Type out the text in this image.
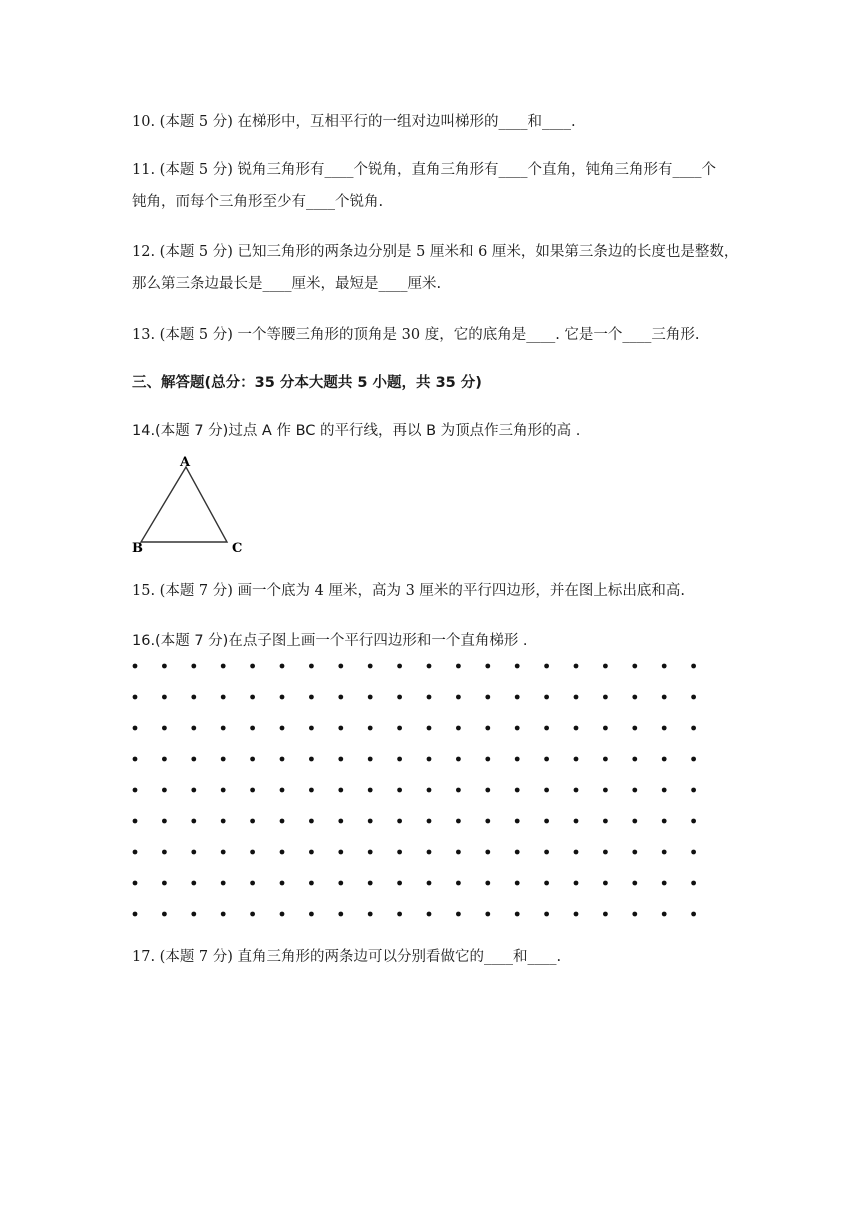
10. (本题 5 分) 在梯形中，互相平行的一组对边叫梯形的____和____.
11. (本题 5 分) 锐角三角形有____个锐角，直角三角形有____个直角，钝角三角形有____个
钝角，而每个三角形至少有____个锐角.
12. (本题 5 分) 已知三角形的两条边分别是 5 厘米和 6 厘米，如果第三条边的长度也是整数，
那么第三条边最长是____厘米，最短是____厘米.
13. (本题 5 分) 一个等腰三角形的顶角是 30 度，它的底角是____. 它是一个____三角形.
三、解答题(总分：35 分本大题共 5 小题，共 35 分)
14.(本题 7 分)过点 A 作 BC 的平行线，再以 B 为顶点作三角形的高 .
A
B	C
15. (本题 7 分) 画一个底为 4 厘米，高为 3 厘米的平行四边形，并在图上标出底和高.
16.(本题 7 分)在点子图上画一个平行四边形和一个直角梯形 .
17. (本题 7 分) 直角三角形的两条边可以分别看做它的____和____.
